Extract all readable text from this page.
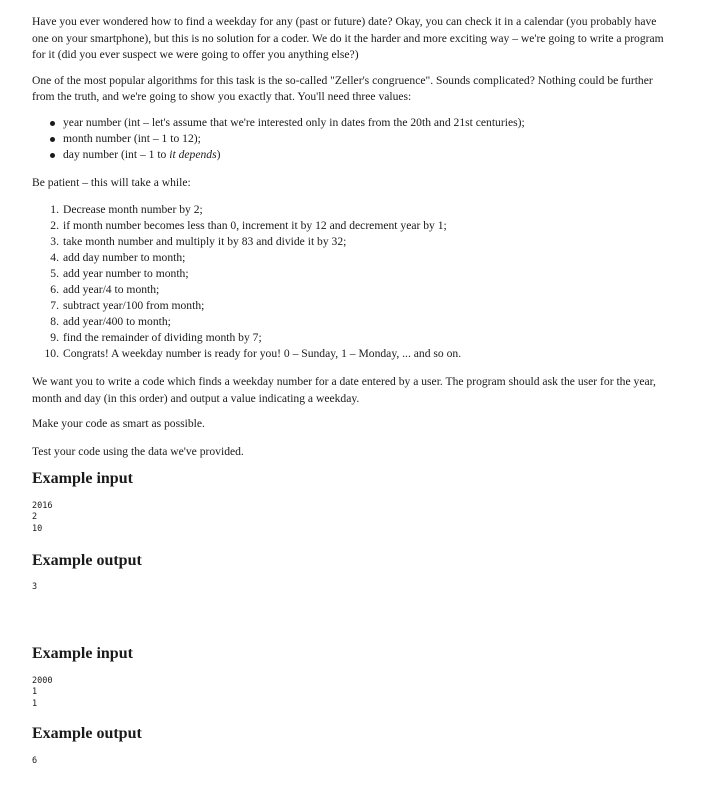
Have you ever wondered how to find a weekday for any (past or future) date? Okay, you can check it in a calendar (you probably have one on your smartphone), but this is no solution for a coder. We do it the harder and more exciting way – we're going to write a program for it (did you ever suspect we were going to offer you anything else?)

One of the most popular algorithms for this task is the so-called "Zeller's congruence". Sounds complicated? Nothing could be further from the truth, and we're going to show you exactly that. You'll need three values:

year number (int – let's assume that we're interested only in dates from the 20th and 21st centuries);
month number (int – 1 to 12);
day number (int – 1 to it depends)

Be patient – this will take a while:

1. Decrease month number by 2;
2. if month number becomes less than 0, increment it by 12 and decrement year by 1;
3. take month number and multiply it by 83 and divide it by 32;
4. add day number to month;
5. add year number to month;
6. add year/4 to month;
7. subtract year/100 from month;
8. add year/400 to month;
9. find the remainder of dividing month by 7;
10. Congrats! A weekday number is ready for you! 0 – Sunday, 1 – Monday, ... and so on.

We want you to write a code which finds a weekday number for a date entered by a user. The program should ask the user for the year, month and day (in this order) and output a value indicating a weekday.

Make your code as smart as possible.

Test your code using the data we've provided.

Example input
2016
2
10
Example output
3
Example input
2000
1
1
Example output
6
